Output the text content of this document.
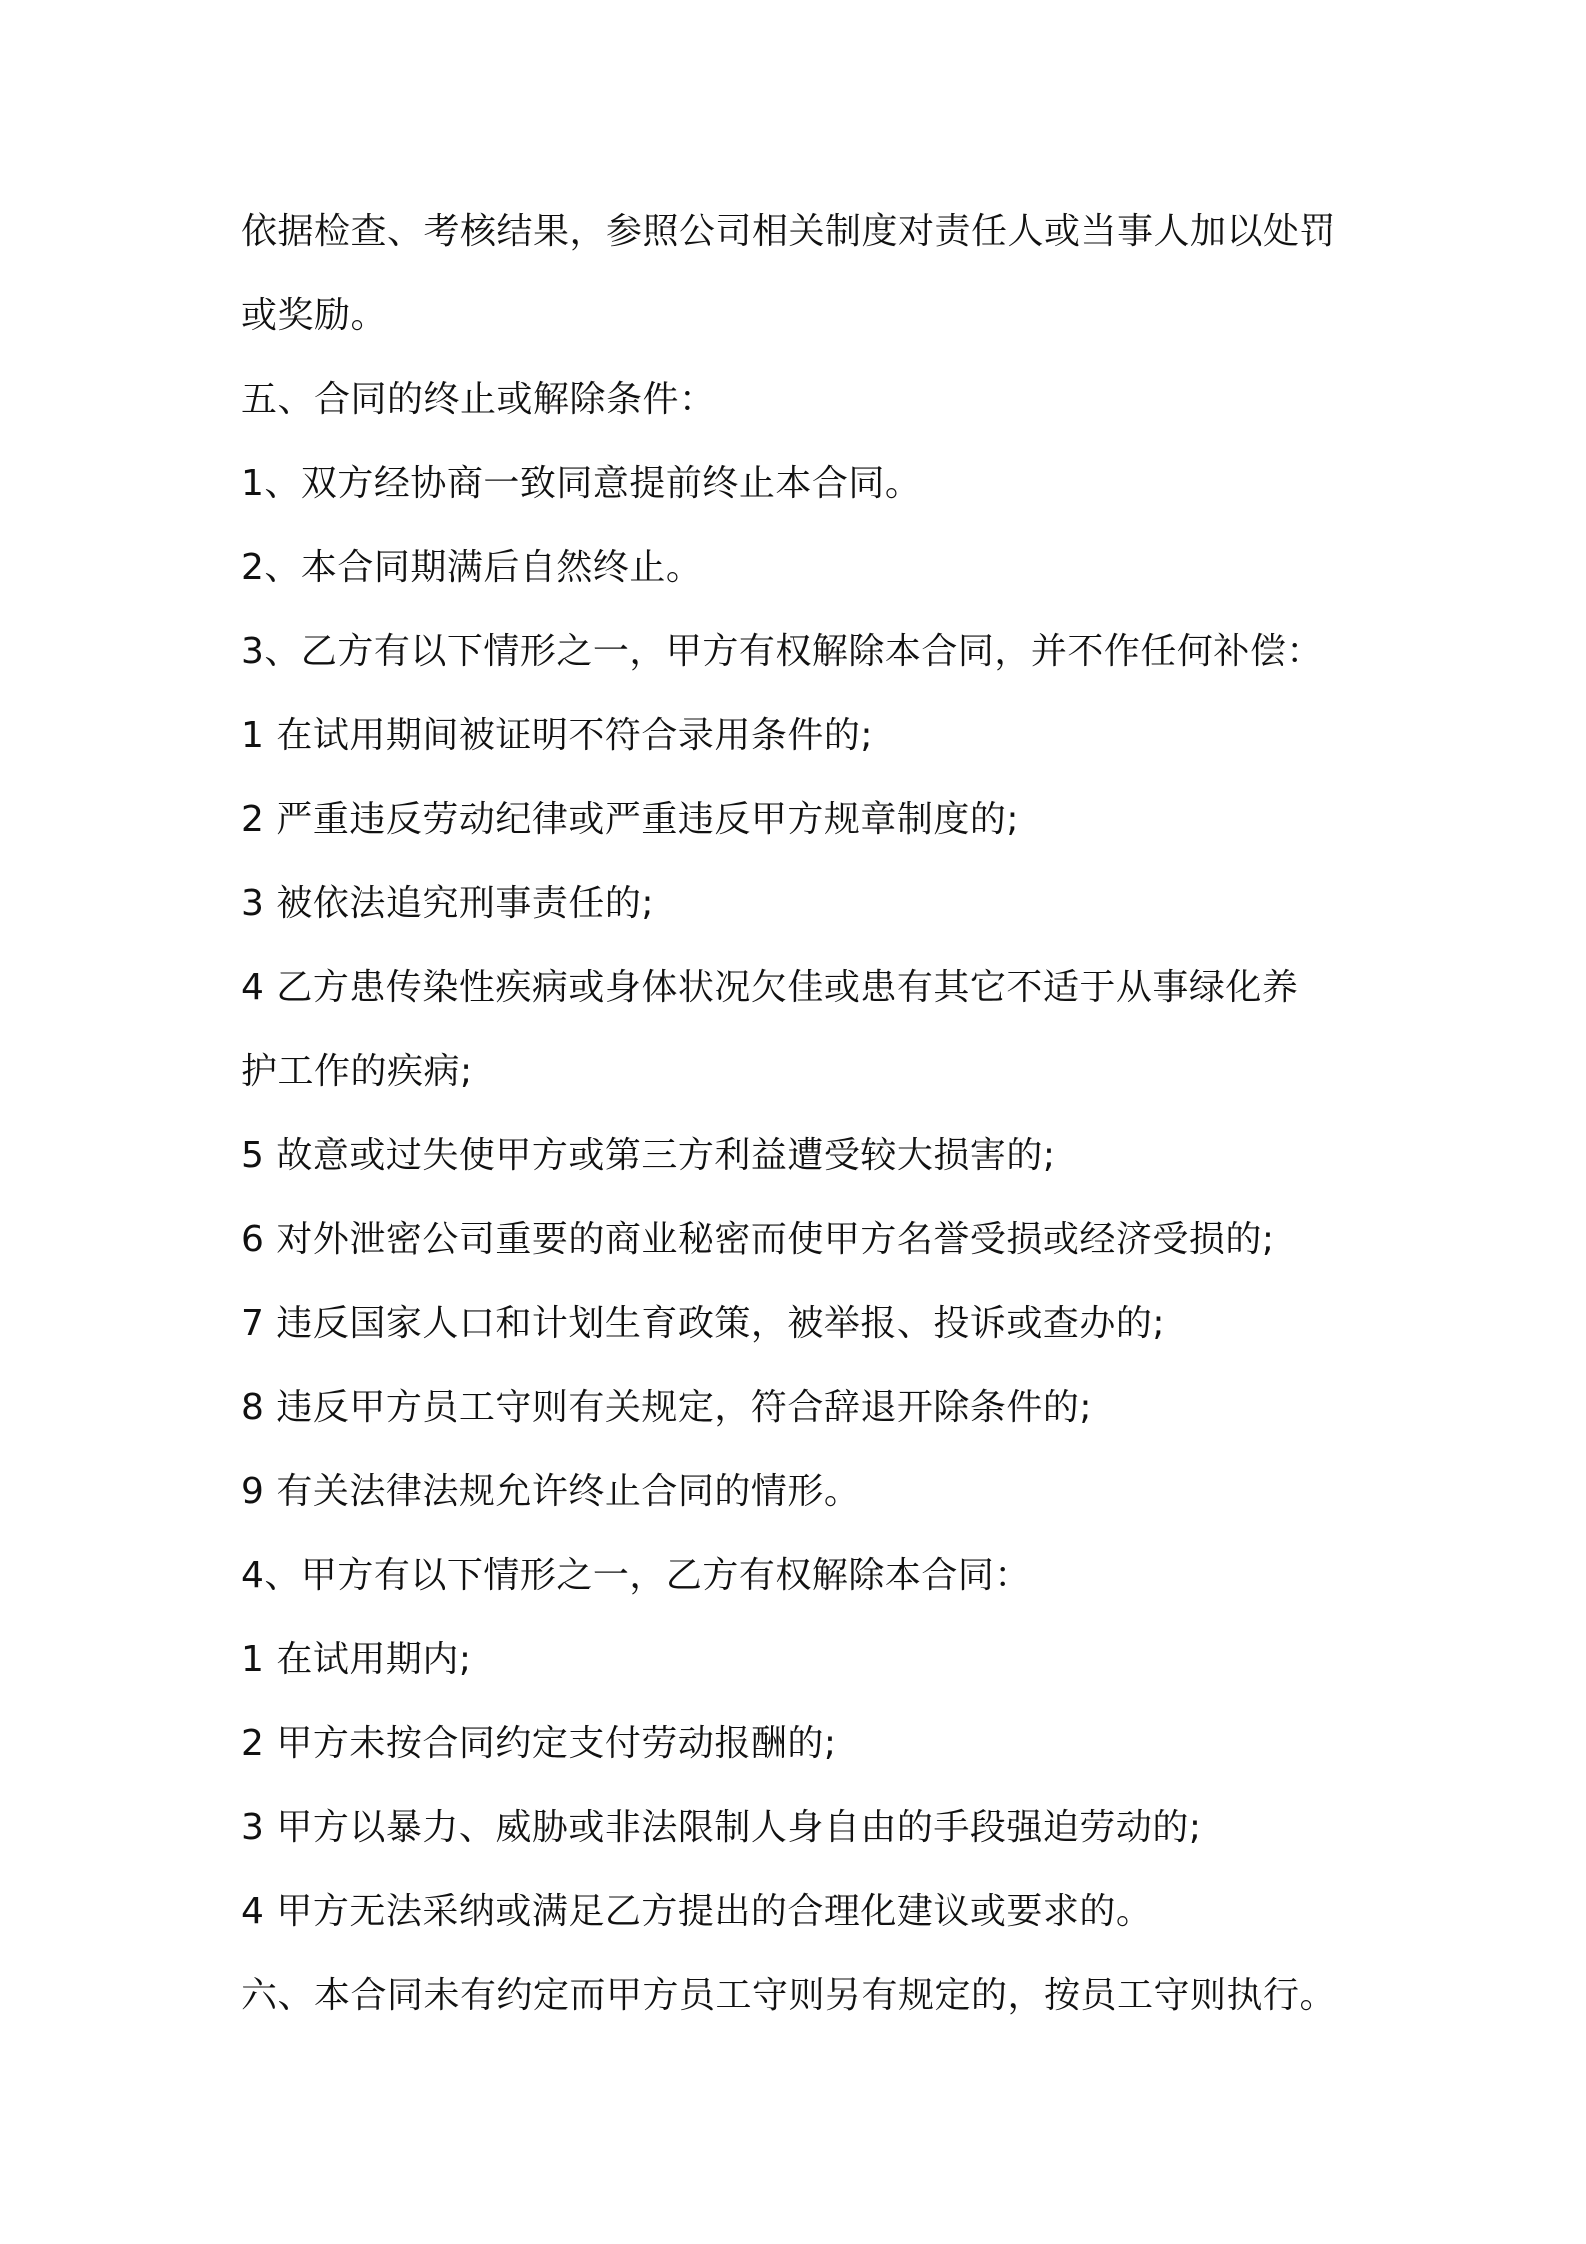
依据检查、考核结果，参照公司相关制度对责任人或当事人加以处罚
或奖励。
五、合同的终止或解除条件：
1、双方经协商一致同意提前终止本合同。
2、本合同期满后自然终止。
3、乙方有以下情形之一，甲方有权解除本合同，并不作任何补偿：
1 在试用期间被证明不符合录用条件的;
2 严重违反劳动纪律或严重违反甲方规章制度的;
3 被依法追究刑事责任的;
4 乙方患传染性疾病或身体状况欠佳或患有其它不适于从事绿化养
护工作的疾病;
5 故意或过失使甲方或第三方利益遭受较大损害的;
6 对外泄密公司重要的商业秘密而使甲方名誉受损或经济受损的;
7 违反国家人口和计划生育政策，被举报、投诉或查办的;
8 违反甲方员工守则有关规定，符合辞退开除条件的;
9 有关法律法规允许终止合同的情形。
4、甲方有以下情形之一，乙方有权解除本合同：
1 在试用期内;
2 甲方未按合同约定支付劳动报酬的;
3 甲方以暴力、威胁或非法限制人身自由的手段强迫劳动的;
4 甲方无法采纳或满足乙方提出的合理化建议或要求的。
六、本合同未有约定而甲方员工守则另有规定的，按员工守则执行。
